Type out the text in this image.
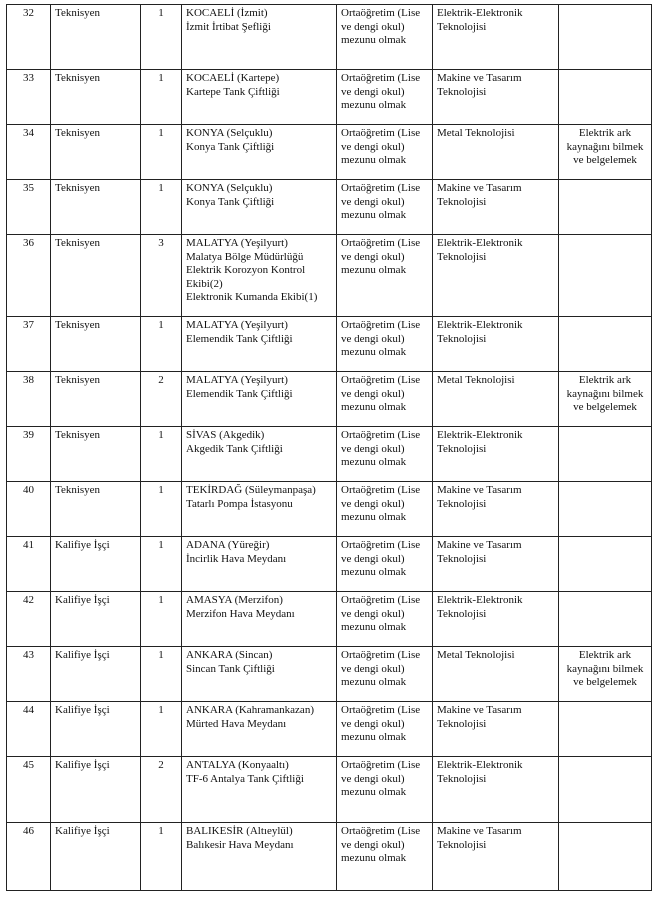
32	Teknisyen	1	KOCAELİ (İzmit)
İzmit İrtibat Şefliği	Ortaöğretim (Lise ve dengi okul) mezunu olmak	Elektrik-Elektronik Teknolojisi	
33	Teknisyen	1	KOCAELİ (Kartepe)
Kartepe Tank Çiftliği	Ortaöğretim (Lise ve dengi okul) mezunu olmak	Makine ve Tasarım Teknolojisi	
34	Teknisyen	1	KONYA (Selçuklu)
Konya Tank Çiftliği	Ortaöğretim (Lise ve dengi okul) mezunu olmak	Metal Teknolojisi	Elektrik ark kaynağını bilmek ve belgelemek
35	Teknisyen	1	KONYA (Selçuklu)
Konya Tank Çiftliği	Ortaöğretim (Lise ve dengi okul) mezunu olmak	Makine ve Tasarım Teknolojisi	
36	Teknisyen	3	MALATYA (Yeşilyurt)
Malatya Bölge Müdürlüğü
Elektrik Korozyon Kontrol Ekibi(2)
Elektronik Kumanda Ekibi(1)	Ortaöğretim (Lise ve dengi okul) mezunu olmak	Elektrik-Elektronik Teknolojisi	
37	Teknisyen	1	MALATYA (Yeşilyurt)
Elemendik Tank Çiftliği	Ortaöğretim (Lise ve dengi okul) mezunu olmak	Elektrik-Elektronik Teknolojisi	
38	Teknisyen	2	MALATYA (Yeşilyurt)
Elemendik Tank Çiftliği	Ortaöğretim (Lise ve dengi okul) mezunu olmak	Metal Teknolojisi	Elektrik ark kaynağını bilmek ve belgelemek
39	Teknisyen	1	SİVAS (Akgedik)
Akgedik Tank Çiftliği	Ortaöğretim (Lise ve dengi okul) mezunu olmak	Elektrik-Elektronik Teknolojisi	
40	Teknisyen	1	TEKİRDAĞ (Süleymanpaşa)
Tatarlı Pompa İstasyonu	Ortaöğretim (Lise ve dengi okul) mezunu olmak	Makine ve Tasarım Teknolojisi	
41	Kalifiye İşçi	1	ADANA (Yüreğir)
İncirlik Hava Meydanı	Ortaöğretim (Lise ve dengi okul) mezunu olmak	Makine ve Tasarım Teknolojisi	
42	Kalifiye İşçi	1	AMASYA (Merzifon)
Merzifon Hava Meydanı	Ortaöğretim (Lise ve dengi okul) mezunu olmak	Elektrik-Elektronik Teknolojisi	
43	Kalifiye İşçi	1	ANKARA (Sincan)
Sincan Tank Çiftliği	Ortaöğretim (Lise ve dengi okul) mezunu olmak	Metal Teknolojisi	Elektrik ark kaynağını bilmek ve belgelemek
44	Kalifiye İşçi	1	ANKARA (Kahramankazan)
Mürted Hava Meydanı	Ortaöğretim (Lise ve dengi okul) mezunu olmak	Makine ve Tasarım Teknolojisi	
45	Kalifiye İşçi	2	ANTALYA (Konyaaltı)
TF-6 Antalya Tank Çiftliği	Ortaöğretim (Lise ve dengi okul) mezunu olmak	Elektrik-Elektronik Teknolojisi	
46	Kalifiye İşçi	1	BALIKESİR (Altıeylül)
Balıkesir Hava Meydanı	Ortaöğretim (Lise ve dengi okul) mezunu olmak	Makine ve Tasarım Teknolojisi	
